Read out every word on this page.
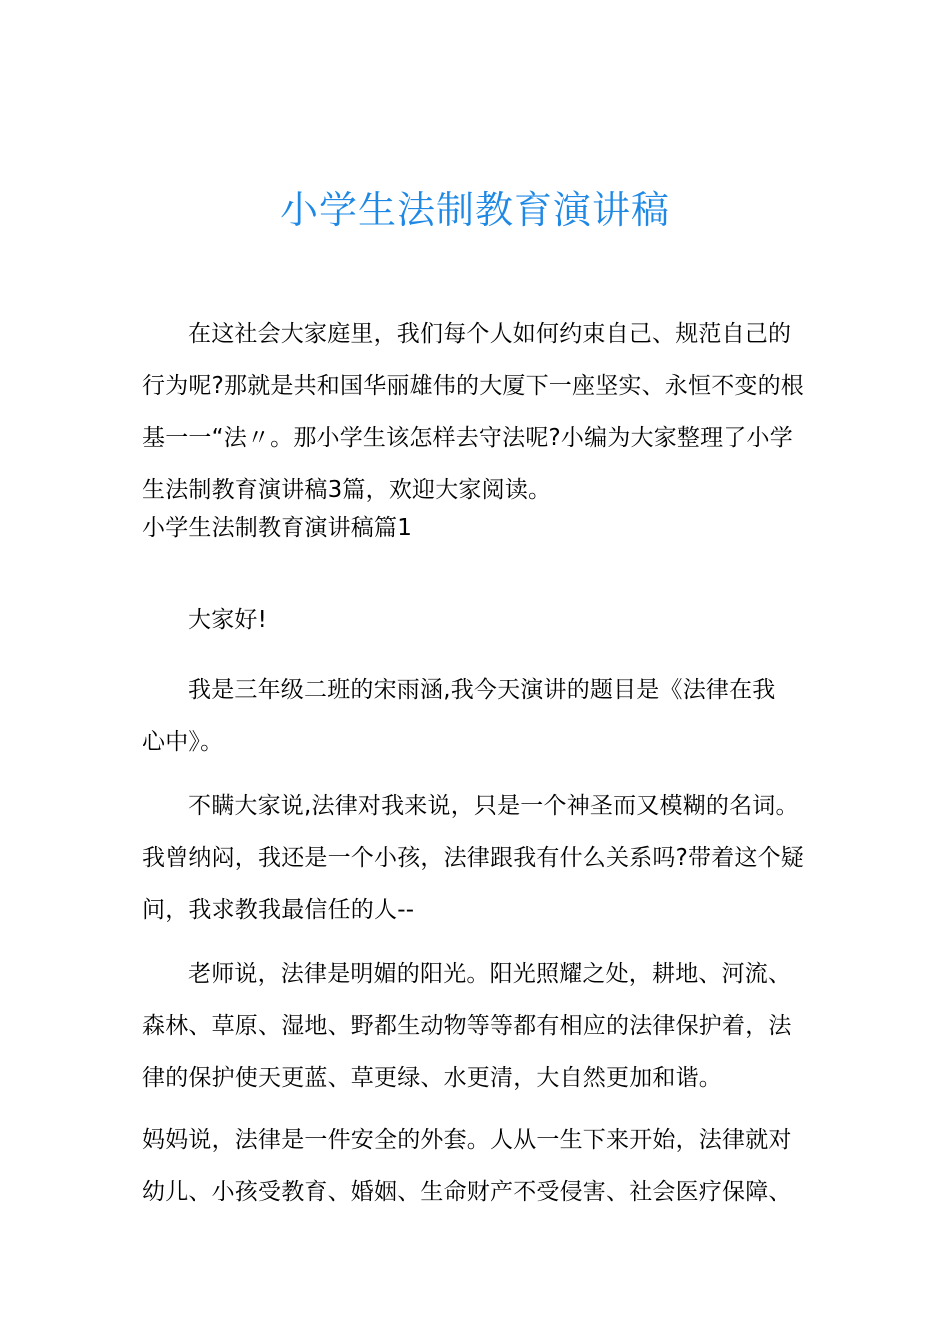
小学生法制教育演讲稿
在这社会大家庭里，我们每个人如何约束自己、规范自己的
行为呢?那就是共和国华丽雄伟的大厦下一座坚实、永恒不变的根
基一一“法〃。那小学生该怎样去守法呢?小编为大家整理了小学
生法制教育演讲稿3篇，欢迎大家阅读。
小学生法制教育演讲稿篇1
大家好!
我是三年级二班的宋雨涵,我今天演讲的题目是《法律在我
心中》。
不瞒大家说,法律对我来说，只是一个神圣而又模糊的名词。
我曾纳闷，我还是一个小孩，法律跟我有什么关系吗?带着这个疑
问，我求教我最信任的人--
老师说，法律是明媚的阳光。阳光照耀之处，耕地、河流、
森林、草原、湿地、野都生动物等等都有相应的法律保护着，法
律的保护使天更蓝、草更绿、水更清，大自然更加和谐。
妈妈说，法律是一件安全的外套。人从一生下来开始，法律就对
幼儿、小孩受教育、婚姻、生命财产不受侵害、社会医疗保障、
